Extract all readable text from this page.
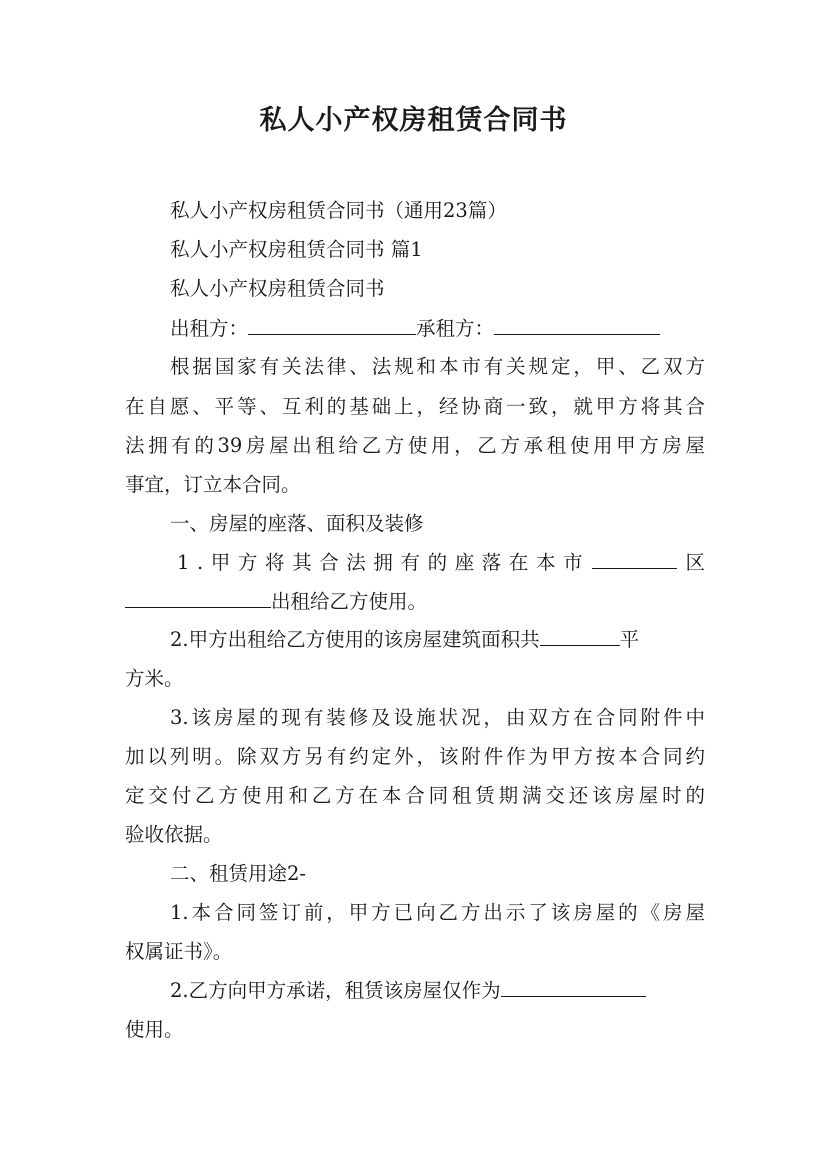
私人小产权房租赁合同书
私人小产权房租赁合同书（通用23篇）
私人小产权房租赁合同书 篇1
私人小产权房租赁合同书
出租方：	承租方：
根据国家有关法律、法规和本市有关规定，甲、乙双方
在自愿、平等、互利的基础上，经协商一致，就甲方将其合
法拥有的39房屋出租给乙方使用，乙方承租使用甲方房屋
事宜，订立本合同。
一、房屋的座落、面积及装修
1.甲方将其合法拥有的座落在本市	区
出租给乙方使用。
2.甲方出租给乙方使用的该房屋建筑面积共	平
方米。
3.该房屋的现有装修及设施状况，由双方在合同附件中
加以列明。除双方另有约定外，该附件作为甲方按本合同约
定交付乙方使用和乙方在本合同租赁期满交还该房屋时的
验收依据。
二、租赁用途2-
1.本合同签订前，甲方已向乙方出示了该房屋的《房屋
权属证书》。
2.乙方向甲方承诺，租赁该房屋仅作为
使用。
